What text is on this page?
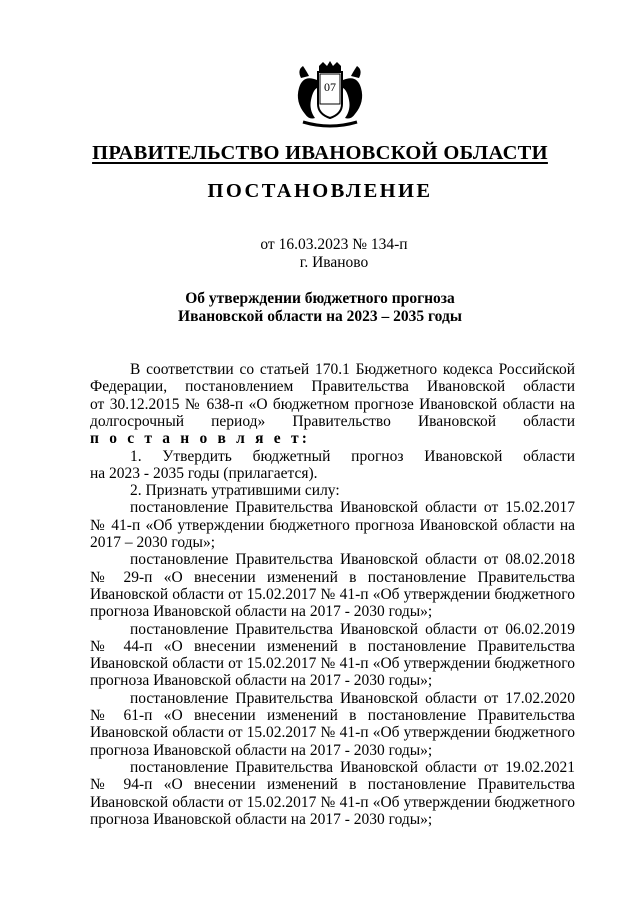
07
ПРАВИТЕЛЬСТВО ИВАНОВСКОЙ ОБЛАСТИ
ПОСТАНОВЛЕНИЕ
от 16.03.2023 № 134-п
г. Иваново
Об утверждении бюджетного прогноза
Ивановской области на 2023 – 2035 годы
В соответствии со статьей 170.1 Бюджетного кодекса Российской
Федерации, постановлением Правительства Ивановской области
от 30.12.2015 № 638-п «О бюджетном прогнозе Ивановской области на
долгосрочный период» Правительство Ивановской области
п о с т а н о в л я е т:
1. Утвердить бюджетный прогноз Ивановской области
на 2023 - 2035 годы (прилагается).
2. Признать утратившими силу:
постановление Правительства Ивановской области от 15.02.2017
№ 41-п «Об утверждении бюджетного прогноза Ивановской области на
2017 – 2030 годы»;
постановление Правительства Ивановской области от 08.02.2018
№ 29-п «О внесении изменений в постановление Правительства
Ивановской области от 15.02.2017 № 41-п «Об утверждении бюджетного
прогноза Ивановской области на 2017 - 2030 годы»;
постановление Правительства Ивановской области от 06.02.2019
№ 44-п «О внесении изменений в постановление Правительства
Ивановской области от 15.02.2017 № 41-п «Об утверждении бюджетного
прогноза Ивановской области на 2017 - 2030 годы»;
постановление Правительства Ивановской области от 17.02.2020
№ 61-п «О внесении изменений в постановление Правительства
Ивановской области от 15.02.2017 № 41-п «Об утверждении бюджетного
прогноза Ивановской области на 2017 - 2030 годы»;
постановление Правительства Ивановской области от 19.02.2021
№ 94-п «О внесении изменений в постановление Правительства
Ивановской области от 15.02.2017 № 41-п «Об утверждении бюджетного
прогноза Ивановской области на 2017 - 2030 годы»;
